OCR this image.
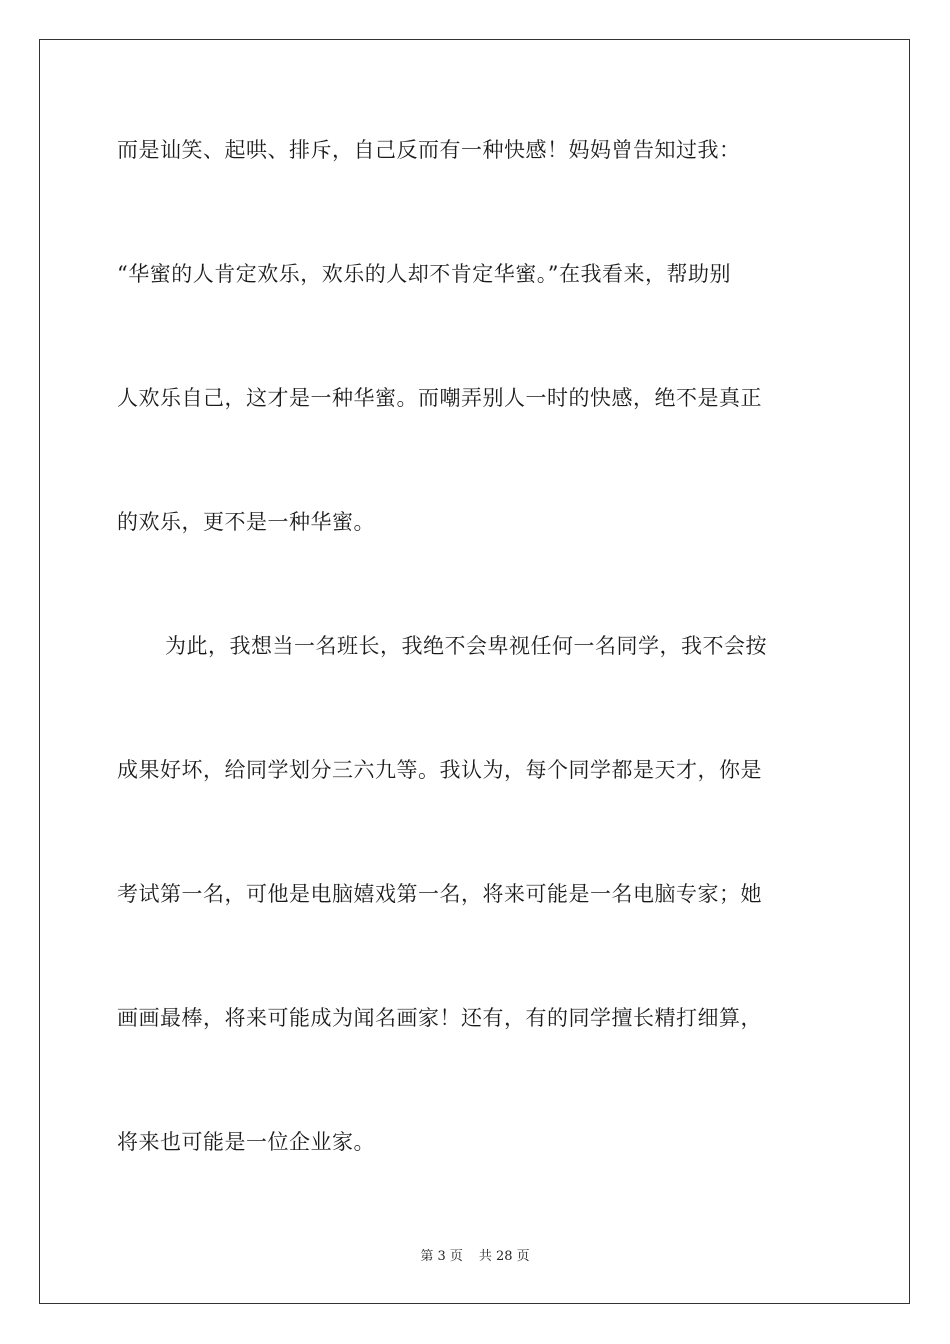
而是讪笑、起哄、排斥，自己反而有一种快感！妈妈曾告知过我：
“华蜜的人肯定欢乐，欢乐的人却不肯定华蜜。”在我看来，帮助别
人欢乐自己，这才是一种华蜜。而嘲弄别人一时的快感，绝不是真正
的欢乐，更不是一种华蜜。
为此，我想当一名班长，我绝不会卑视任何一名同学，我不会按
成果好坏，给同学划分三六九等。我认为，每个同学都是天才，你是
考试第一名，可他是电脑嬉戏第一名，将来可能是一名电脑专家；她
画画最棒，将来可能成为闻名画家！还有，有的同学擅长精打细算，
将来也可能是一位企业家。
第 3 页 共 28 页
